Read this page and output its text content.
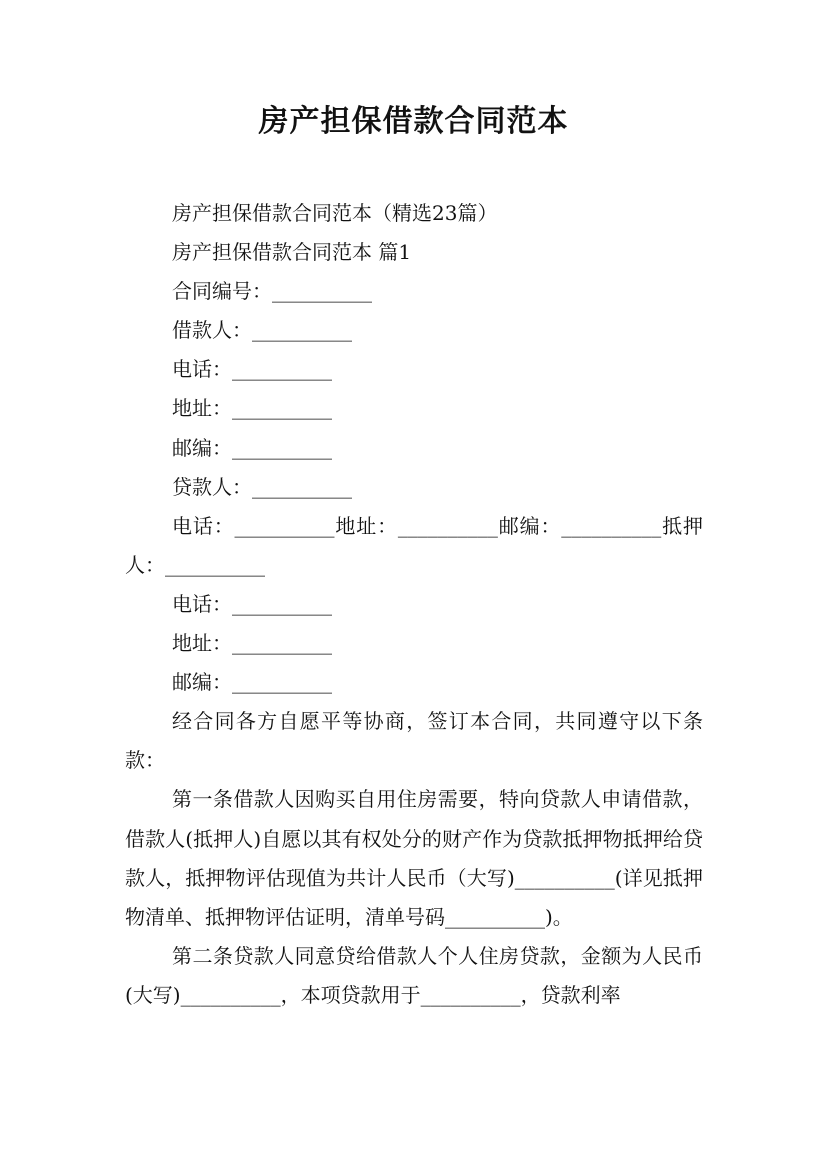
房产担保借款合同范本

房产担保借款合同范本（精选23篇）

房产担保借款合同范本 篇1

合同编号：__________

借款人：__________

电话：__________

地址：__________

邮编：__________

贷款人：__________

电话：__________地址：__________邮编：__________抵押人：__________

电话：__________

地址：__________

邮编：__________

经合同各方自愿平等协商，签订本合同，共同遵守以下条款：

第一条借款人因购买自用住房需要，特向贷款人申请借款，借款人(抵押人)自愿以其有权处分的财产作为贷款抵押物抵押给贷款人，抵押物评估现值为共计人民币（大写)__________(详见抵押物清单、抵押物评估证明，清单号码__________)。

第二条贷款人同意贷给借款人个人住房贷款，金额为人民币(大写)__________，本项贷款用于__________，贷款利率
